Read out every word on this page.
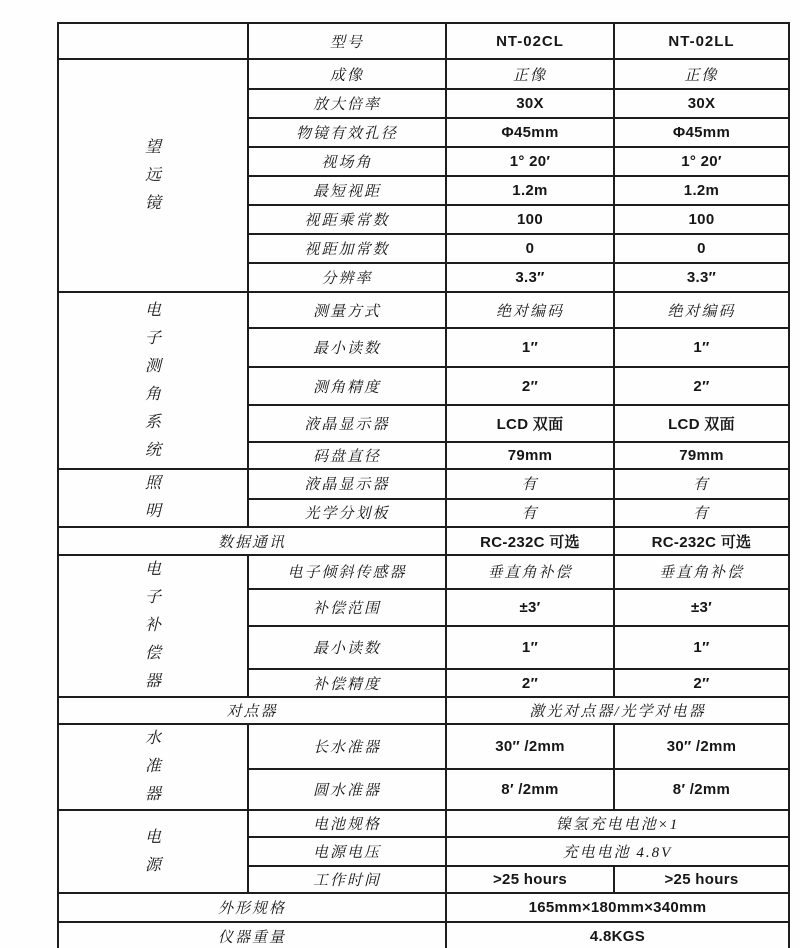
	型号	NT-02CL	NT-02LL

望远镜	成像	正像	正像
	放大倍率	30X	30X
	物镜有效孔径	Φ45mm	Φ45mm
	视场角	1° 20′	1° 20′
	最短视距	1.2m	1.2m
	视距乘常数	100	100
	视距加常数	0	0
	分辨率	3.3″	3.3″

电子测角系统	测量方式	绝对编码	绝对编码
	最小读数	1″	1″
	测角精度	2″	2″
	液晶显示器	LCD 双面	LCD 双面
	码盘直径	79mm	79mm

照明	液晶显示器	有	有
	光学分划板	有	有
数据通讯		RC-232C 可选	RC-232C 可选

电子补偿器	电子倾斜传感器	垂直角补偿	垂直角补偿
	补偿范围	±3′	±3′
	最小读数	1″	1″
	补偿精度	2″	2″
对点器		激光对点器/光学对电器	

水准器	长水准器	30″ /2mm	30″ /2mm
	圆水准器	8′ /2mm	8′ /2mm

电源	电池规格	镍氢充电电池×1	
	电源电压	充电电池 4.8V	
	工作时间	>25 hours	>25 hours
外形规格		165mm×180mm×340mm	
仪器重量		4.8KGS	
